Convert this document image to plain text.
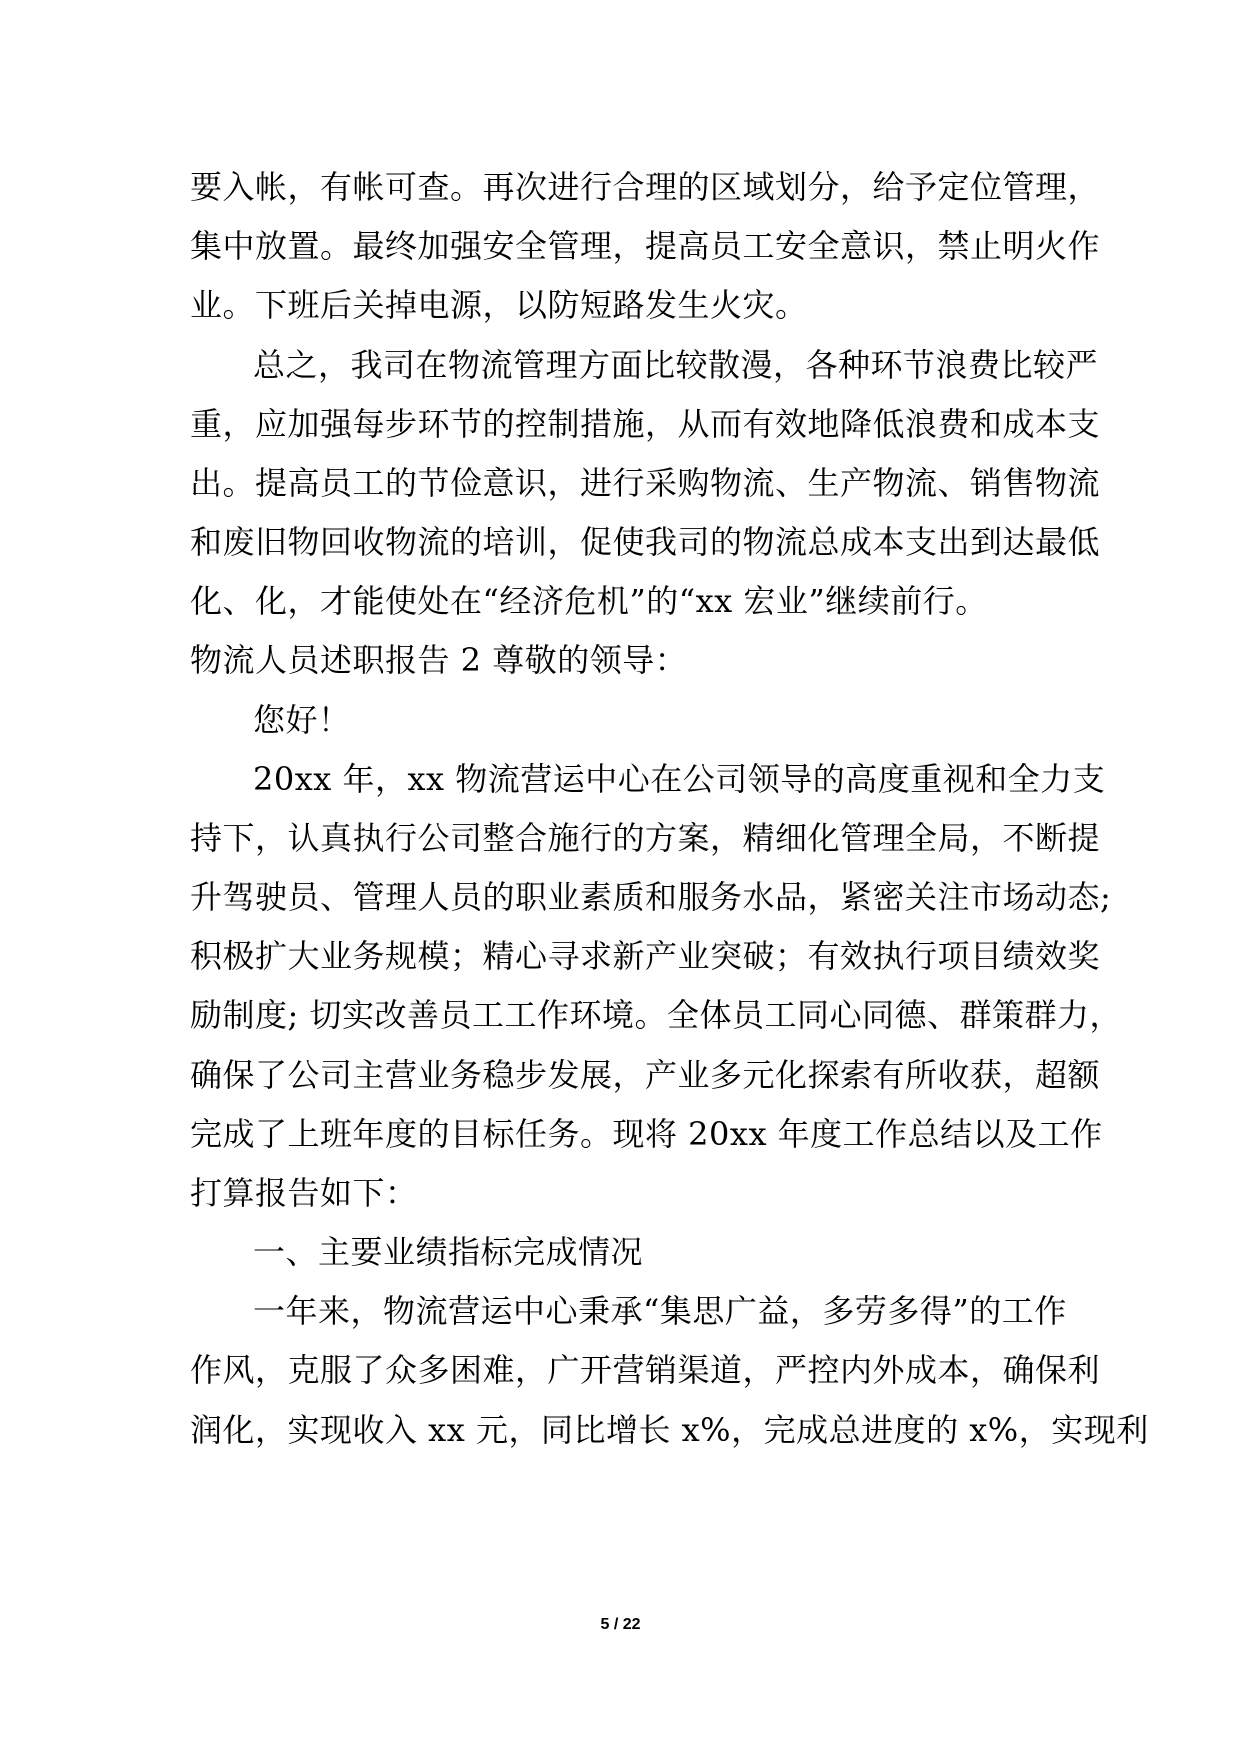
要入帐，有帐可查。再次进行合理的区域划分，给予定位管理，
集中放置。最终加强安全管理，提高员工安全意识，禁止明火作
业。下班后关掉电源，以防短路发生火灾。
总之，我司在物流管理方面比较散漫，各种环节浪费比较严
重，应加强每步环节的控制措施，从而有效地降低浪费和成本支
出。提高员工的节俭意识，进行采购物流、生产物流、销售物流
和废旧物回收物流的培训，促使我司的物流总成本支出到达最低
化、化，才能使处在“经济危机”的“xx 宏业”继续前行。
物流人员述职报告 2 尊敬的领导：
您好！
20xx 年，xx 物流营运中心在公司领导的高度重视和全力支
持下，认真执行公司整合施行的方案，精细化管理全局，不断提
升驾驶员、管理人员的职业素质和服务水品，紧密关注市场动态;
积极扩大业务规模；精心寻求新产业突破；有效执行项目绩效奖
励制度; 切实改善员工工作环境。全体员工同心同德、群策群力，
确保了公司主营业务稳步发展，产业多元化探索有所收获，超额
完成了上班年度的目标任务。现将 20xx 年度工作总结以及工作
打算报告如下：
一、主要业绩指标完成情况
一年来，物流营运中心秉承“集思广益，多劳多得”的工作
作风，克服了众多困难，广开营销渠道，严控内外成本，确保利
润化，实现收入 xx 元，同比增长 x%，完成总进度的 x%，实现利
5 / 22
